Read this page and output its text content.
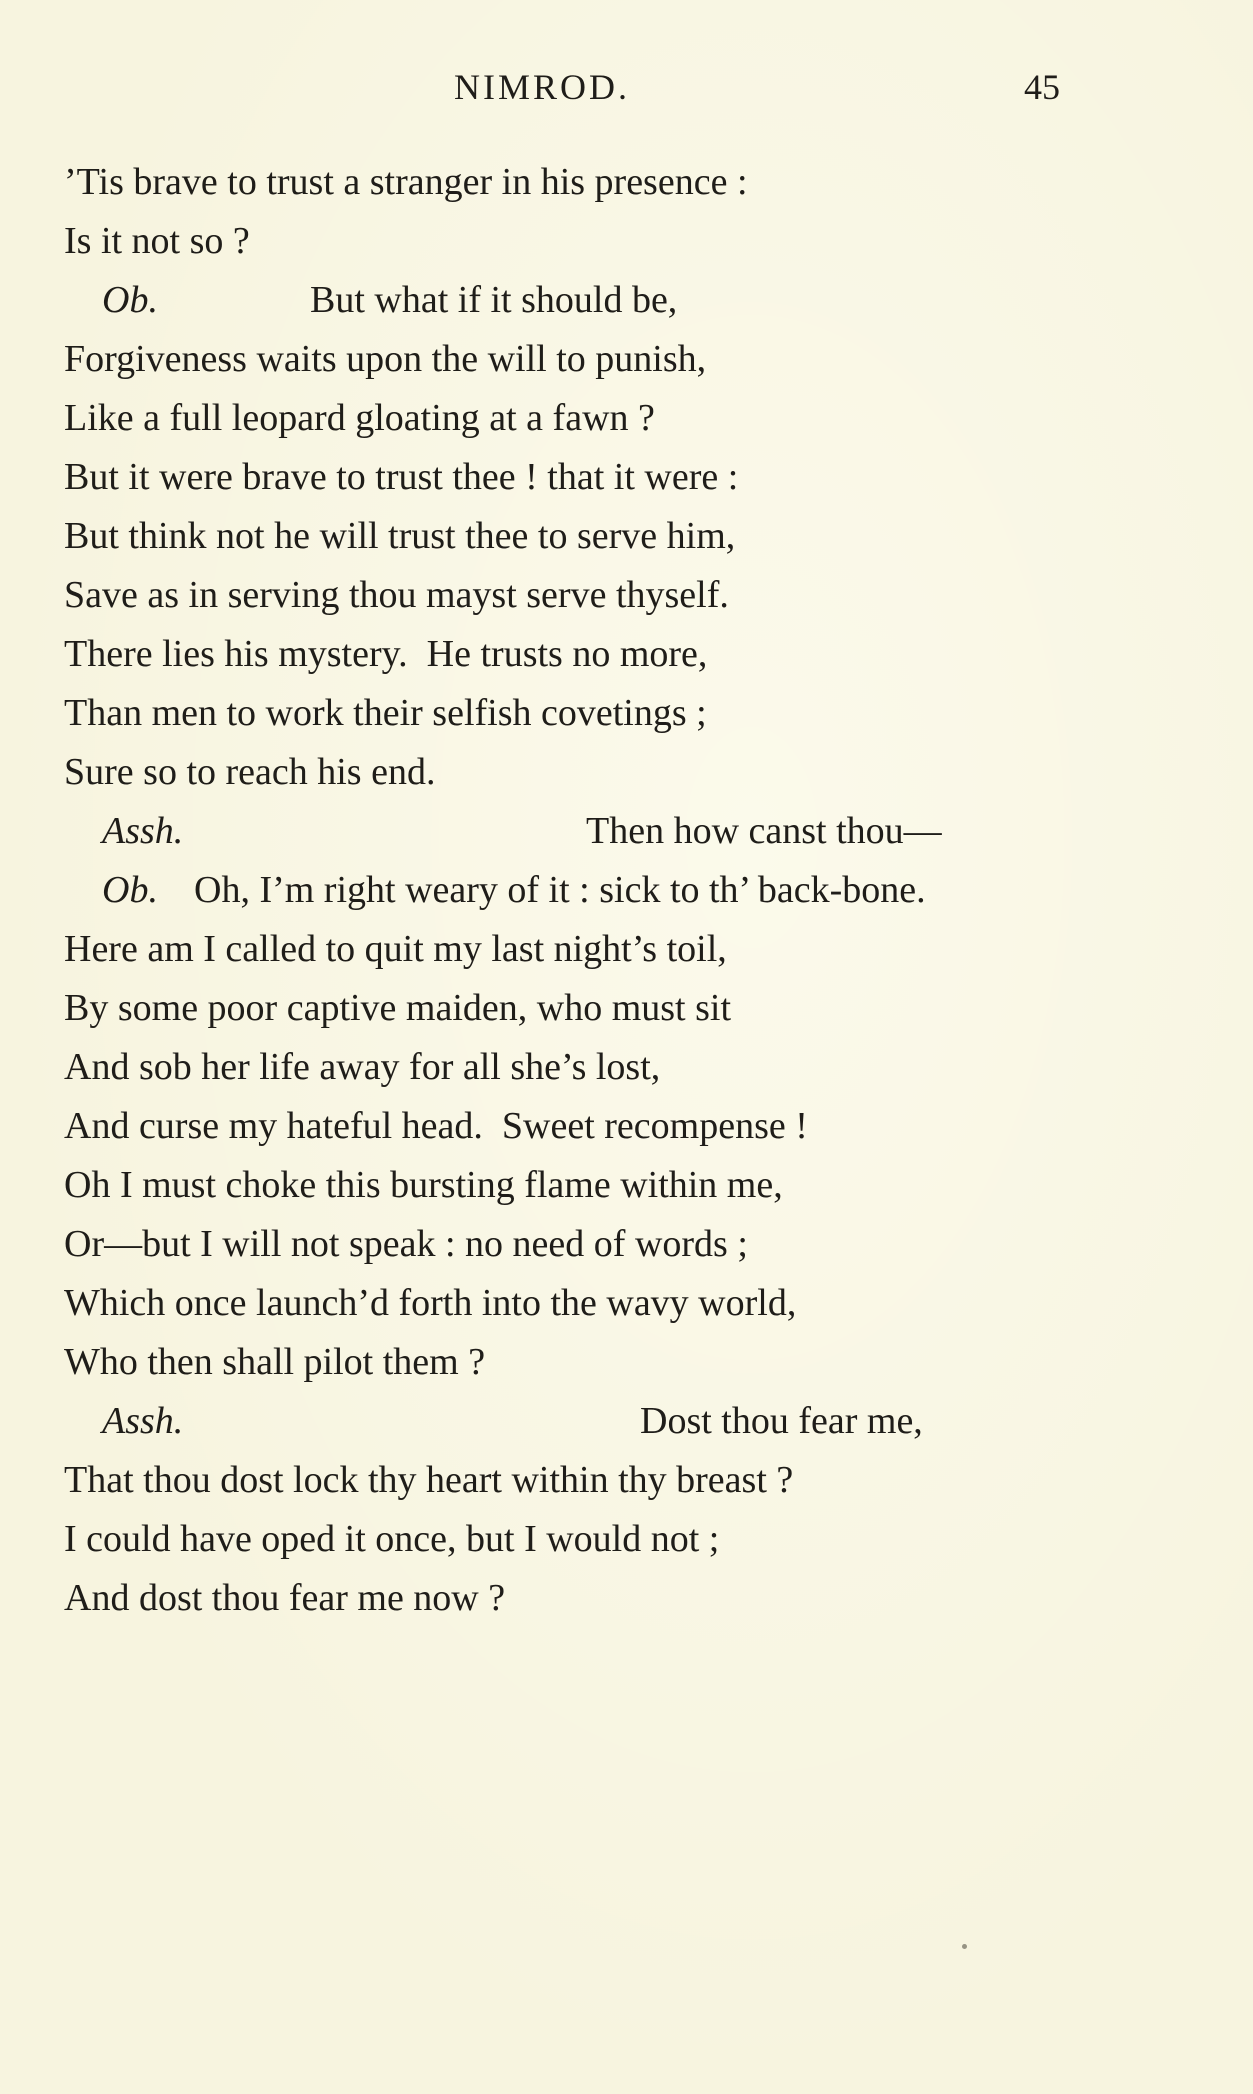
NIMROD.	45
’Tis brave to trust a stranger in his presence :
Is it not so ?

Ob.

	But what if it should be,

Forgiveness waits upon the will to punish,
Like a full leopard gloating at a fawn ?
But it were brave to trust thee ! that it were :
But think not he will trust thee to serve him,
Save as in serving thou mayst serve thyself.
There lies his mystery.  He trusts no more,
Than men to work their selfish covetings ;
Sure so to reach his end.

Assh.

	Then how canst thou—

Ob.

Oh, I’m right weary of it : sick to th’ back-bone.

Here am I called to quit my last night’s toil,
By some poor captive maiden, who must sit
And sob her life away for all she’s lost,
And curse my hateful head.  Sweet recompense !
Oh I must choke this bursting flame within me,
Or—but I will not speak : no need of words ;
Which once launch’d forth into the wavy world,
Who then shall pilot them ?

Assh.

	Dost thou fear me,

That thou dost lock thy heart within thy breast ?
I could have oped it once, but I would not ;
And dost thou fear me now ?
